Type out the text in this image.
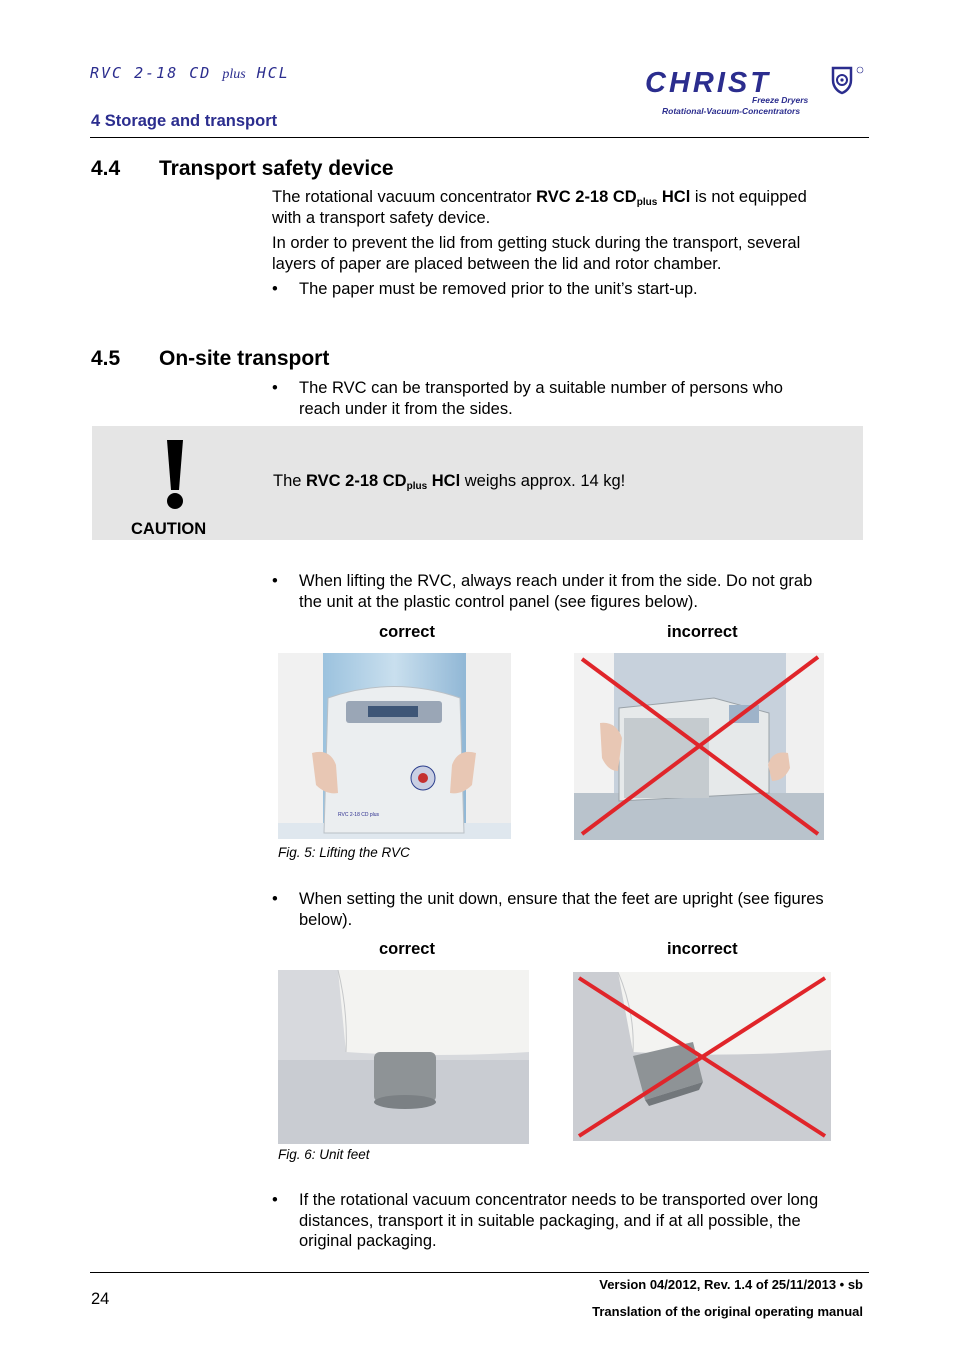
RVC 2-18 CD plus HCL
4 Storage and transport
CHRIST
Freeze Dryers
Rotational-Vacuum-Concentrators
4.4 Transport safety device

The rotational vacuum concentrator RVC 2-18 $CD_{plus}$ HCl is not equipped
with a transport safety device.

In order to prevent the lid from getting stuck during the transport, several
layers of paper are placed between the lid and rotor chamber.

• The paper must be removed prior to the unit’s start-up.
4.5 On-site transport
• The RVC can be transported by a suitable number of persons who
reach under it from the sides.
CAUTION
The RVC 2-18 $CD_{plus}$ HCl weighs approx. 14 kg!
• When lifting the RVC, always reach under it from the side. Do not grab
the unit at the plastic control panel (see figures below).
correct	incorrect
RVC 2-18 CD plus
Fig. 5: Lifting the RVC
• When setting the unit down, ensure that the feet are upright (see figures
below).
correct	incorrect
Fig. 6: Unit feet
• If the rotational vacuum concentrator needs to be transported over long
distances, transport it in suitable packaging, and if at all possible, the
original packaging.
24
Version 04/2012, Rev. 1.4 of 25/11/2013 • sb
Translation of the original operating manual
